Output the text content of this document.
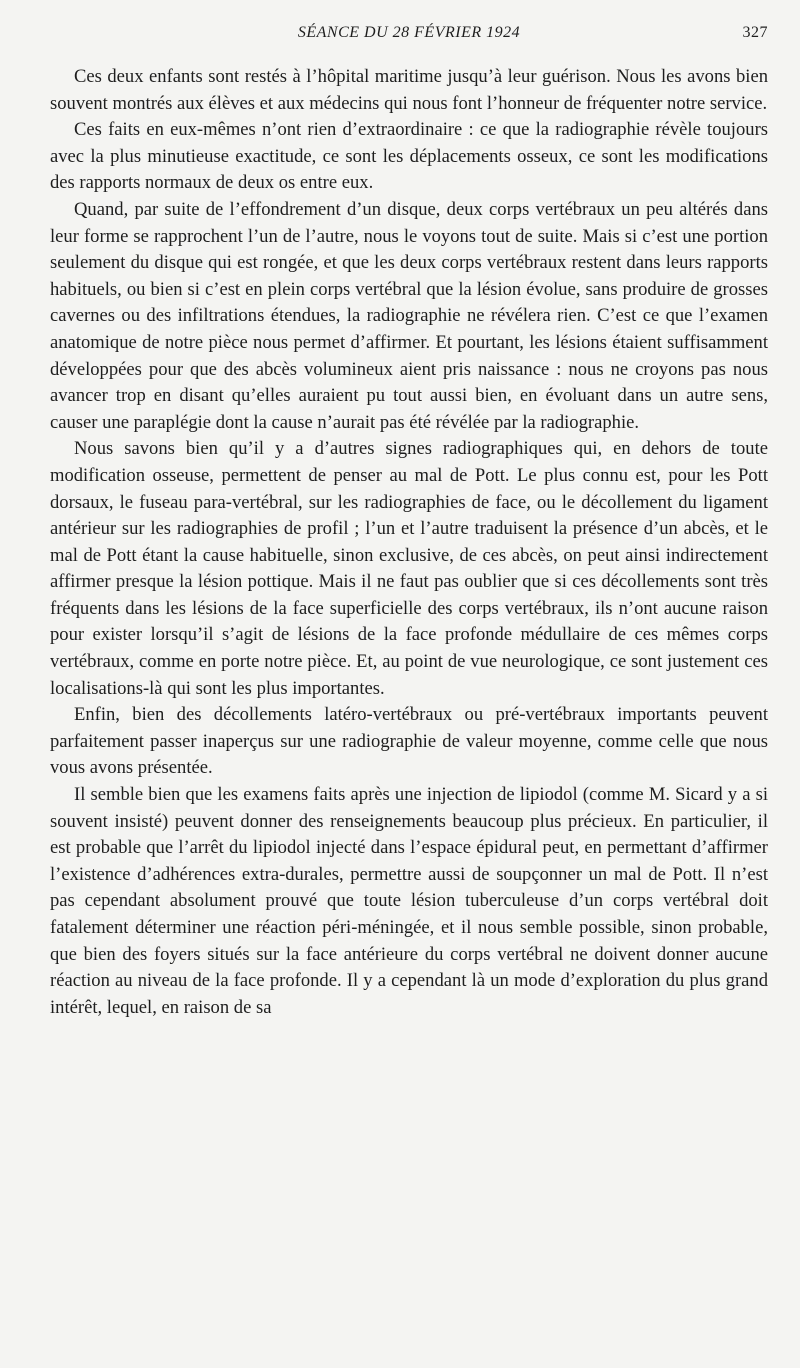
SÉANCE DU 28 FÉVRIER 1924	327

Ces deux enfants sont restés à l’hôpital maritime jusqu’à leur guérison. Nous les avons bien souvent montrés aux élèves et aux médecins qui nous font l’honneur de fréquenter notre service.

Ces faits en eux-mêmes n’ont rien d’extraordinaire : ce que la radiographie révèle toujours avec la plus minutieuse exactitude, ce sont les déplacements osseux, ce sont les modifications des rapports normaux de deux os entre eux.

Quand, par suite de l’effondrement d’un disque, deux corps vertébraux un peu altérés dans leur forme se rapprochent l’un de l’autre, nous le voyons tout de suite. Mais si c’est une portion seulement du disque qui est rongée, et que les deux corps vertébraux restent dans leurs rapports habituels, ou bien si c’est en plein corps vertébral que la lésion évolue, sans produire de grosses cavernes ou des infiltrations étendues, la radiographie ne révélera rien. C’est ce que l’examen anatomique de notre pièce nous permet d’affirmer. Et pourtant, les lésions étaient suffisamment développées pour que des abcès volumineux aient pris naissance : nous ne croyons pas nous avancer trop en disant qu’elles auraient pu tout aussi bien, en évoluant dans un autre sens, causer une paraplégie dont la cause n’aurait pas été révélée par la radiographie.

Nous savons bien qu’il y a d’autres signes radiographiques qui, en dehors de toute modification osseuse, permettent de penser au mal de Pott. Le plus connu est, pour les Pott dorsaux, le fuseau para-vertébral, sur les radiographies de face, ou le décollement du ligament antérieur sur les radiographies de profil ; l’un et l’autre traduisent la présence d’un abcès, et le mal de Pott étant la cause habituelle, sinon exclusive, de ces abcès, on peut ainsi indirectement affirmer presque la lésion pottique. Mais il ne faut pas oublier que si ces décollements sont très fréquents dans les lésions de la face superficielle des corps vertébraux, ils n’ont aucune raison pour exister lorsqu’il s’agit de lésions de la face profonde médullaire de ces mêmes corps vertébraux, comme en porte notre pièce. Et, au point de vue neurologique, ce sont justement ces localisations-là qui sont les plus importantes.

Enfin, bien des décollements latéro-vertébraux ou pré-vertébraux importants peuvent parfaitement passer inaperçus sur une radiographie de valeur moyenne, comme celle que nous vous avons présentée.

Il semble bien que les examens faits après une injection de lipiodol (comme M. Sicard y a si souvent insisté) peuvent donner des renseignements beaucoup plus précieux. En particulier, il est probable que l’arrêt du lipiodol injecté dans l’espace épidural peut, en permettant d’affirmer l’existence d’adhérences extra-durales, permettre aussi de soupçonner un mal de Pott. Il n’est pas cependant absolument prouvé que toute lésion tuberculeuse d’un corps vertébral doit fatalement déterminer une réaction péri-méningée, et il nous semble possible, sinon probable, que bien des foyers situés sur la face antérieure du corps vertébral ne doivent donner aucune réaction au niveau de la face profonde. Il y a cependant là un mode d’exploration du plus grand intérêt, lequel, en raison de sa
